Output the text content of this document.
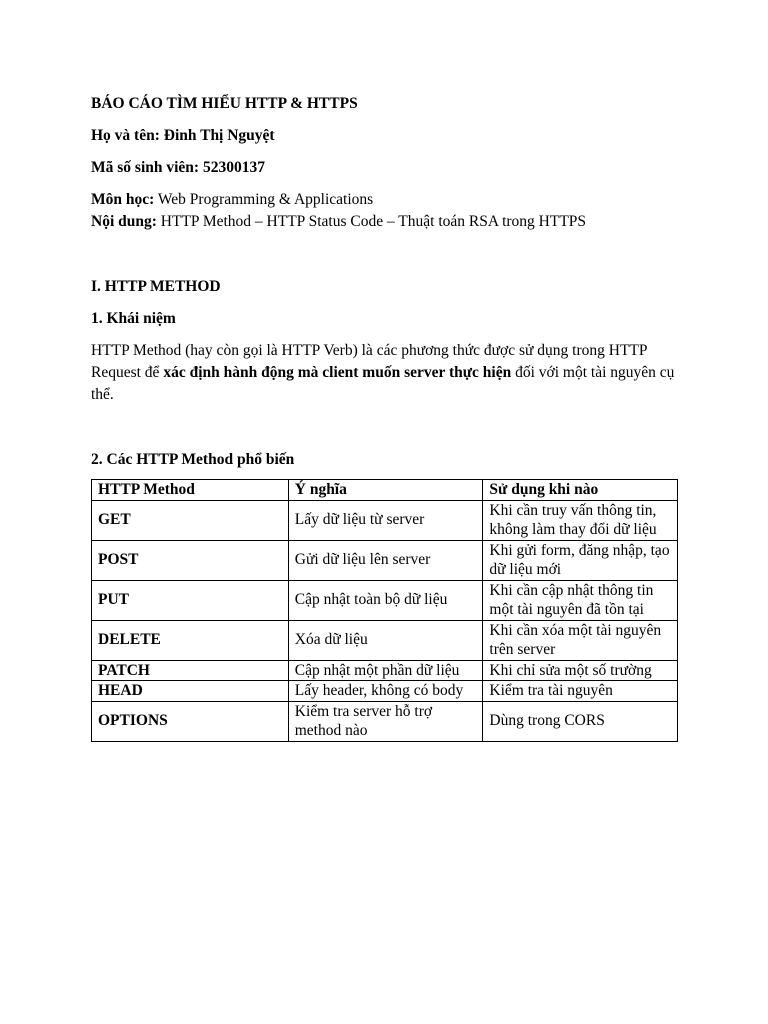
BÁO CÁO TÌM HIỂU HTTP & HTTPS
Họ và tên: Đinh Thị Nguyệt
Mã số sinh viên: 52300137
Môn học: Web Programming & Applications
Nội dung: HTTP Method – HTTP Status Code – Thuật toán RSA trong HTTPS
I. HTTP METHOD
1. Khái niệm
HTTP Method (hay còn gọi là HTTP Verb) là các phương thức được sử dụng trong HTTP Request để xác định hành động mà client muốn server thực hiện đối với một tài nguyên cụ thể.
2. Các HTTP Method phổ biến
HTTP Method	Ý nghĩa	Sử dụng khi nào
GET	Lấy dữ liệu từ server	Khi cần truy vấn thông tin, không làm thay đổi dữ liệu
POST	Gửi dữ liệu lên server	Khi gửi form, đăng nhập, tạo dữ liệu mới
PUT	Cập nhật toàn bộ dữ liệu	Khi cần cập nhật thông tin một tài nguyên đã tồn tại
DELETE	Xóa dữ liệu	Khi cần xóa một tài nguyên trên server
PATCH	Cập nhật một phần dữ liệu	Khi chỉ sửa một số trường
HEAD	Lấy header, không có body	Kiểm tra tài nguyên
OPTIONS	Kiểm tra server hỗ trợ method nào	Dùng trong CORS
